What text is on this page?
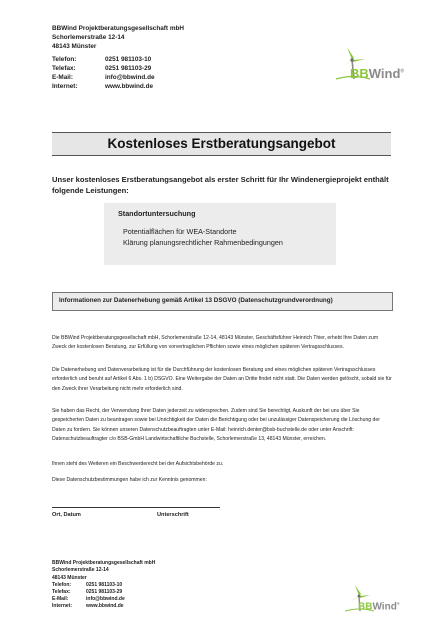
BBWind Projektberatungsgesellschaft mbH
Schorlemerstraße 12-14
48143 Münster
Telefon:	0251 981103-10
Telefax:	0251 981103-29
E-Mail:	info@bbwind.de
Internet:	www.bbwind.de
BBWind®
Kostenloses Erstberatungsangebot
Unser kostenloses Erstberatungsangebot als erster Schritt für Ihr Windenergieprojekt enthält folgende Leistungen:
Standortuntersuchung
Potentialflächen für WEA-Standorte
Klärung planungsrechtlicher Rahmenbedingungen
Informationen zur Datenerhebung gemäß Artikel 13 DSGVO (Datenschutzgrundverordnung)
Die BBWind Projektberatungsgesellschaft mbH, Schorlemerstraße 12-14, 48143 Münster, Geschäftsführer Heinrich Thier, erhebt Ihre Daten zum Zweck der kostenlosen Beratung, zur Erfüllung von vorvertraglichen Pflichten sowie eines möglichen späteren Vertragsschlusses.
Die Datenerhebung und Datenverarbeitung ist für die Durchführung der kostenlosen Beratung und eines möglichen späteren Vertragsschlusses erforderlich und beruht auf Artikel 6 Abs. 1 b) DSGVO. Eine Weitergabe der Daten an Dritte findet nicht statt. Die Daten werden gelöscht, sobald sie für den Zweck ihrer Verarbeitung nicht mehr erforderlich sind.
Sie haben das Recht, der Verwendung Ihrer Daten jederzeit zu widersprechen. Zudem sind Sie berechtigt, Auskunft der bei uns über Sie gespeicherten Daten zu beantragen sowie bei Unrichtigkeit der Daten die Berichtigung oder bei unzulässiger Datenspeicherung die Löschung der Daten zu fordern. Sie können unseren Datenschutzbeauftragten unter E-Mail: heinrich.denter@bsb-buchstelle.de oder unter Anschrift: Datenschutzbeauftragter c/o BSB-GmbH Landwirtschaftliche Buchstelle, Schorlemerstraße 13, 48143 Münster, erreichen.
Ihnen steht des Weiteren ein Beschwerderecht bei der Aufsichtsbehörde zu.
Diese Datenschutzbestimmungen habe ich zur Kenntnis genommen:
Ort, Datum	Unterschrift
BBWind Projektberatungsgesellschaft mbH
Schorlemerstraße 12-14
48143 Münster
Telefon:	0251 981103-10
Telefax:	0251 981103-29
E-Mail:	info@bbwind.de
Internet:	www.bbwind.de	BBWind®
